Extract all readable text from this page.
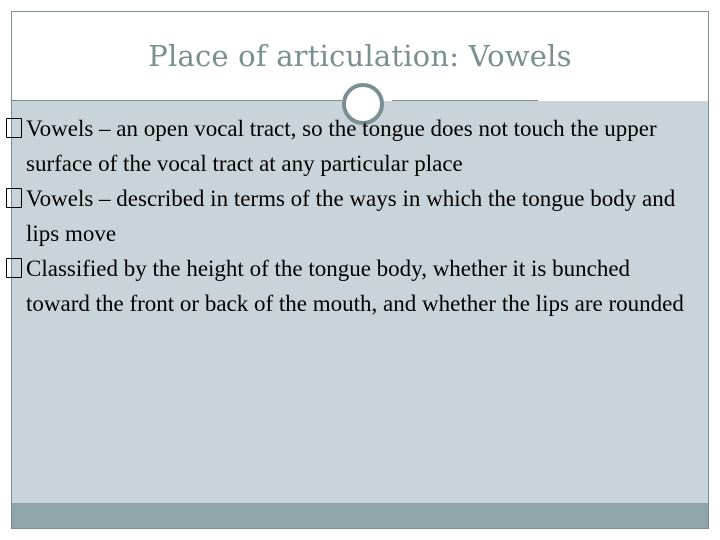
Place of articulation: Vowels
Vowels – an open vocal tract, so the tongue does not touch the upper surface of the vocal tract at any particular place
Vowels – described in terms of the ways in which the tongue body and lips move
Classified by the height of the tongue body, whether it is bunched toward the front or back of the mouth, and whether the lips are rounded
